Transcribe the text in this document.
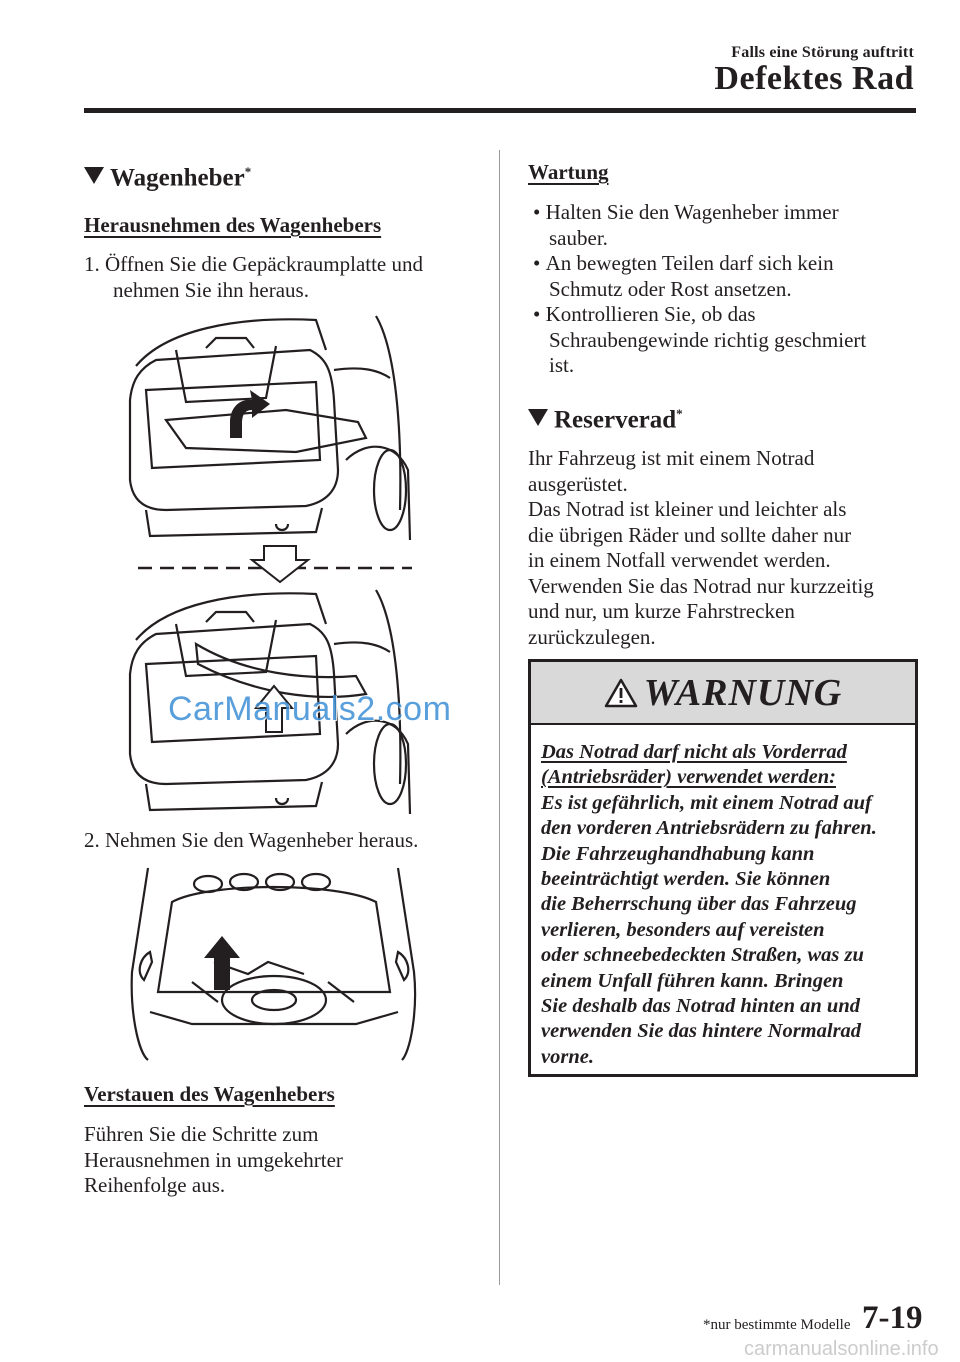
Falls eine Störung auftritt
Defektes Rad
Wagenheber*
Herausnehmen des Wagenhebers
1. Öffnen Sie die Gepäckraumplatte und
nehmen Sie ihn heraus.
CarManuals2.com
2. Nehmen Sie den Wagenheber heraus.
Verstauen des Wagenhebers
Führen Sie die Schritte zum
Herausnehmen in umgekehrter
Reihenfolge aus.
Wartung
• Halten Sie den Wagenheber immer
sauber.
• An bewegten Teilen darf sich kein
Schmutz oder Rost ansetzen.
• Kontrollieren Sie, ob das
Schraubengewinde richtig geschmiert
ist.
Reserverad*
Ihr Fahrzeug ist mit einem Notrad
ausgerüstet.
Das Notrad ist kleiner und leichter als
die übrigen Räder und sollte daher nur
in einem Notfall verwendet werden.
Verwenden Sie das Notrad nur kurzzeitig
und nur, um kurze Fahrstrecken
zurückzulegen.
WARNUNG
Das Notrad darf nicht als Vorderrad
(Antriebsräder) verwendet werden:
Es ist gefährlich, mit einem Notrad auf
den vorderen Antriebsrädern zu fahren.
Die Fahrzeughandhabung kann
beeinträchtigt werden. Sie können
die Beherrschung über das Fahrzeug
verlieren, besonders auf vereisten
oder schneebedeckten Straßen, was zu
einem Unfall führen kann. Bringen
Sie deshalb das Notrad hinten an und
verwenden Sie das hintere Normalrad
vorne.
*nur bestimmte Modelle 7-19
carmanualsonline.info
